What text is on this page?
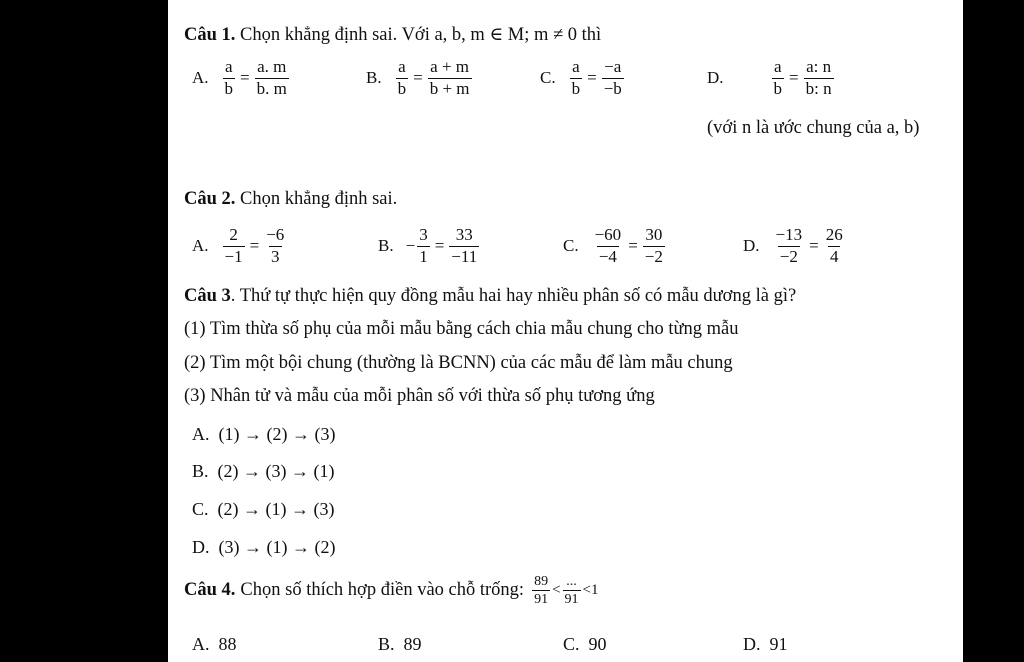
Câu 1. Chọn khẳng định sai. Với a, b, m ∈ M; m ≠ 0 thì
A. $\frac{a}{b} = \frac{a. m}{b. m}$	B. $\frac{a}{b} = \frac{a + m}{b + m}$	C. $\frac{a}{b} = \frac{-a}{-b}$	D.	$\frac{a}{b} = \frac{a: n}{b: n}$
(với n là ước chung của a, b)
Câu 2. Chọn khẳng định sai.
A. $\frac{2}{-1} = \frac{-6}{3}$	B. − $\frac{3}{1} = \frac{33}{-11}$	C. $\frac{-60}{-4} = \frac{30}{-2}$	D. $\frac{-13}{-2} = \frac{26}{4}$
Câu 3. Thứ tự thực hiện quy đồng mẫu hai hay nhiều phân số có mẫu dương là gì?
(1) Tìm thừa số phụ của mỗi mẫu bằng cách chia mẫu chung cho từng mẫu
(2) Tìm một bội chung (thường là BCNN) của các mẫu để làm mẫu chung
(3) Nhân tử và mẫu của mỗi phân số với thừa số phụ tương ứng
A. (1) → (2) → (3)
B. (2) → (3) → (1)
C. (2) → (1) → (3)
D. (3) → (1) → (2)
Câu 4. Chọn số thích hợp điền vào chỗ trống: $\frac{89}{91} < \frac{...}{91} < 1$
A. 88	B. 89	C. 90	D. 91
